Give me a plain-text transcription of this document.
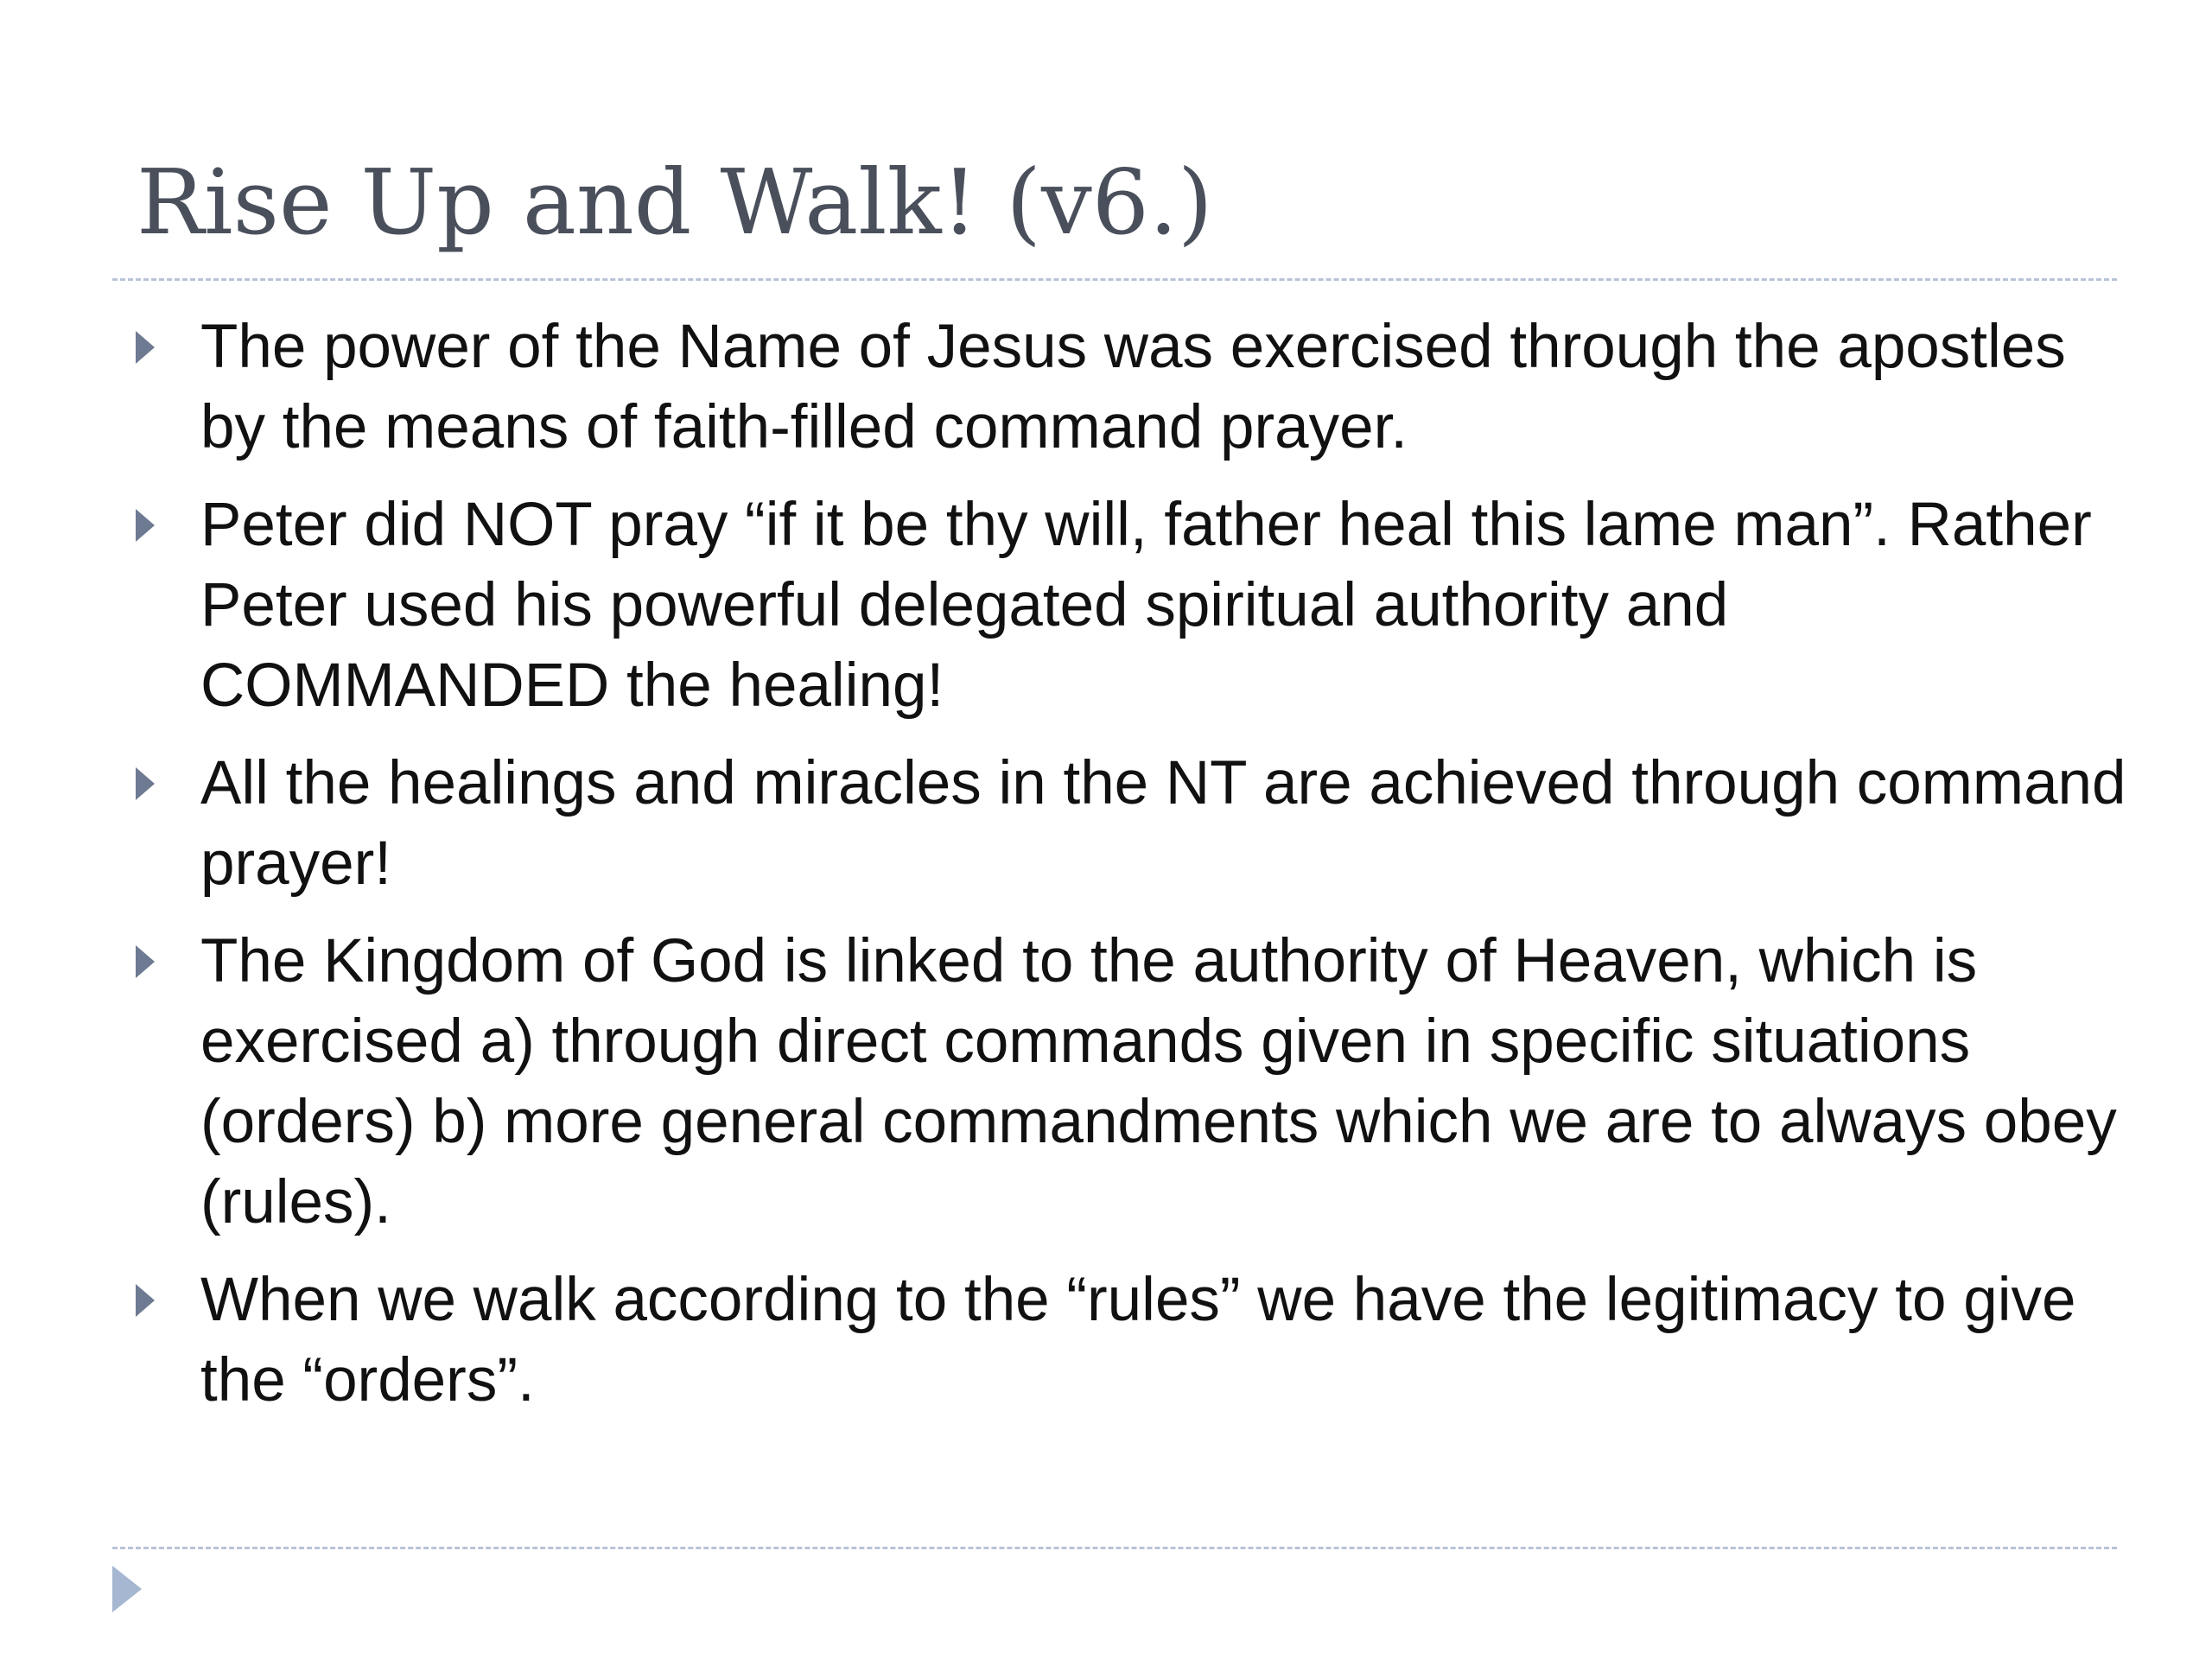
Rise Up and Walk! (v6.)
The power of the Name of Jesus was exercised through the apostles by the means of faith-filled command prayer.
Peter did NOT pray “if it be thy will, father heal this lame man”. Rather Peter used his powerful delegated spiritual authority and COMMANDED the healing!
All the healings and miracles in the NT are achieved through command prayer!
The Kingdom of God is linked to the authority of Heaven, which is exercised a) through direct commands given in specific situations (orders) b) more general commandments which we are to always obey (rules).
When we walk according to the “rules” we have the legitimacy to give the “orders”.
